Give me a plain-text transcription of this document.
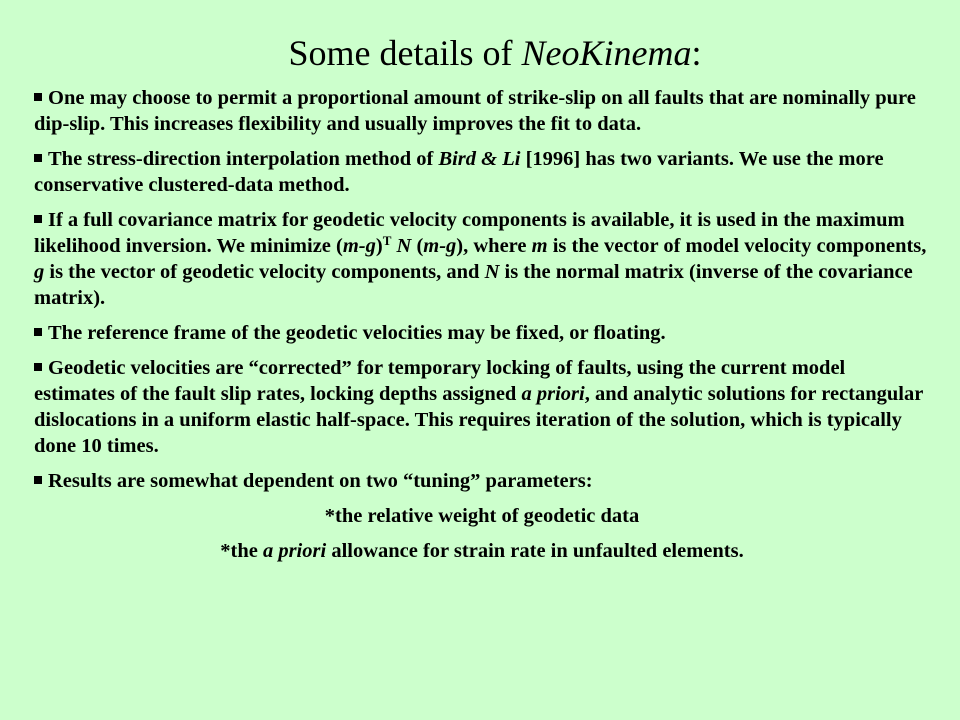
Some details of NeoKinema:
One may choose to permit a proportional amount of strike-slip on all faults that are nominally pure dip-slip. This increases flexibility and usually improves the fit to data.
The stress-direction interpolation method of Bird & Li [1996] has two variants. We use the more conservative clustered-data method.
If a full covariance matrix for geodetic velocity components is available, it is used in the maximum likelihood inversion. We minimize $(m-g)^T$ N (m-g), where m is the vector of model velocity components, g is the vector of geodetic velocity components, and N is the normal matrix (inverse of the covariance matrix).
The reference frame of the geodetic velocities may be fixed, or floating.
Geodetic velocities are “corrected” for temporary locking of faults, using the current model estimates of the fault slip rates, locking depths assigned a priori, and analytic solutions for rectangular dislocations in a uniform elastic half-space. This requires iteration of the solution, which is typically done 10 times.
Results are somewhat dependent on two “tuning” parameters:
*the relative weight of geodetic data
*the a priori allowance for strain rate in unfaulted elements.
